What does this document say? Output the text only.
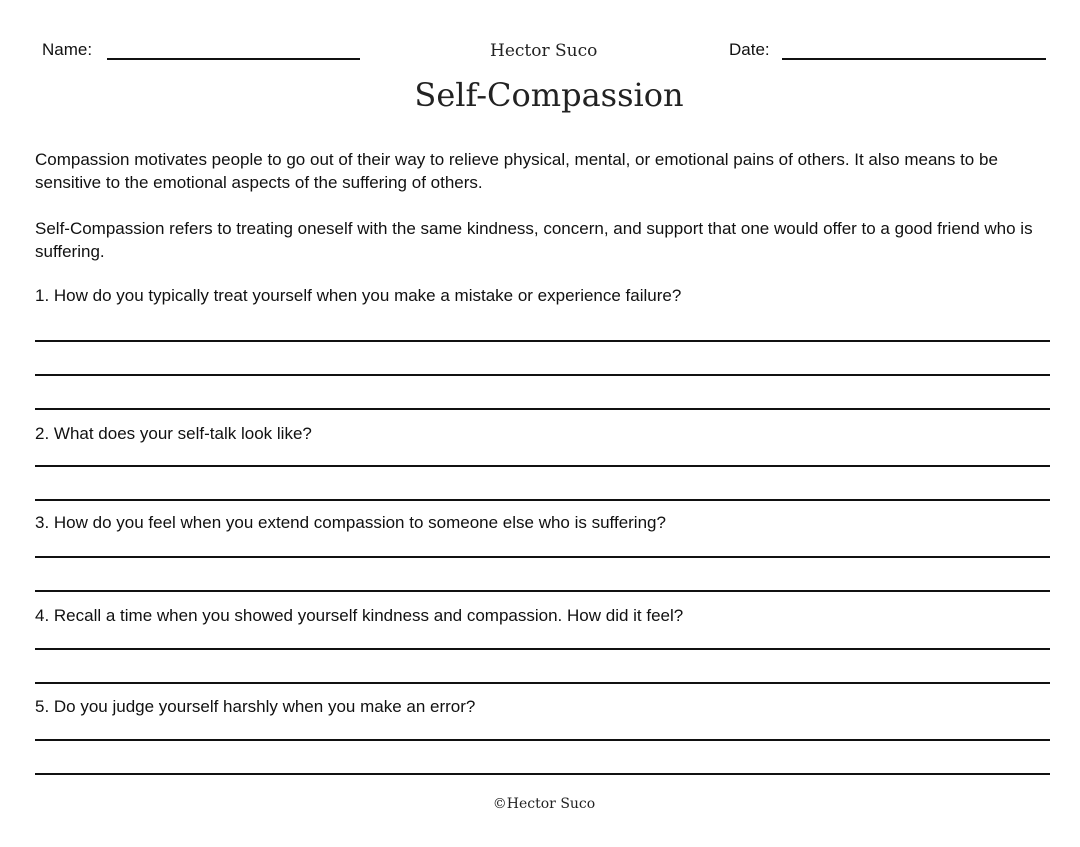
Name:	Hector Suco	Date:
Self-Compassion
Compassion motivates people to go out of their way to relieve physical, mental, or emotional pains of others. It also means to be sensitive to the emotional aspects of the suffering of others.
Self-Compassion refers to treating oneself with the same kindness, concern, and support that one would offer to a good friend who is suffering.
1. How do you typically treat yourself when you make a mistake or experience failure?
2. What does your self-talk look like?
3. How do you feel when you extend compassion to someone else who is suffering?
4. Recall a time when you showed yourself kindness and compassion. How did it feel?
5. Do you judge yourself harshly when you make an error?
©Hector Suco
